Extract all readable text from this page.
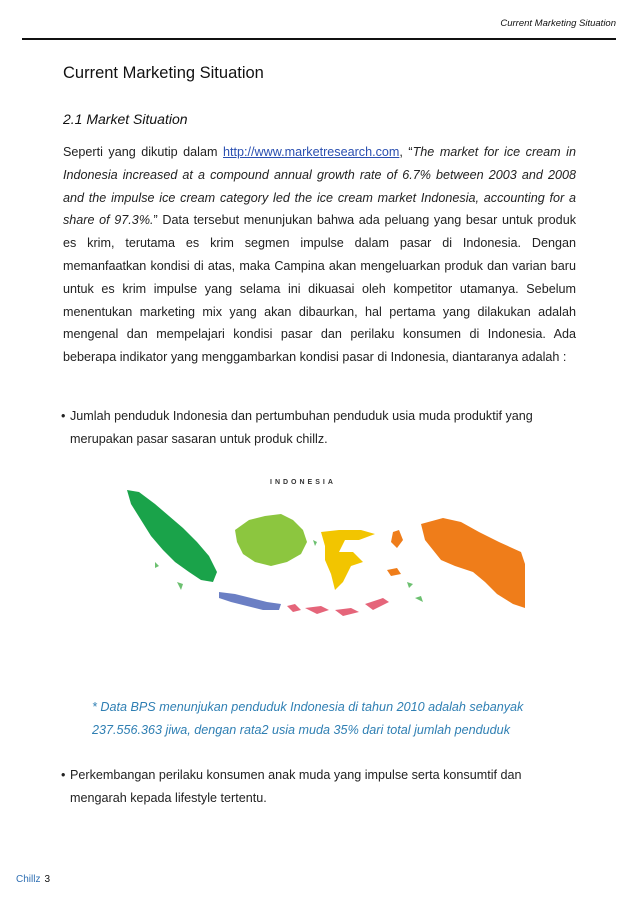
Current Marketing Situation
Current Marketing Situation
2.1 Market Situation
Seperti yang dikutip dalam http://www.marketresearch.com, “The market for ice cream in Indonesia increased at a compound annual growth rate of 6.7% between 2003 and 2008 and the impulse ice cream category led the ice cream market Indonesia, accounting for a share of 97.3%.” Data tersebut menunjukan bahwa ada peluang yang besar untuk produk es krim, terutama es krim segmen impulse dalam pasar di Indonesia. Dengan memanfaatkan kondisi di atas, maka Campina akan mengeluarkan produk dan varian baru untuk es krim impulse yang selama ini dikuasai oleh kompetitor utamanya. Sebelum menentukan marketing mix yang akan dibaurkan, hal pertama yang dilakukan adalah mengenal dan mempelajari kondisi pasar dan perilaku konsumen di Indonesia. Ada beberapa indikator yang menggambarkan kondisi pasar di Indonesia, diantaranya adalah :
• Jumlah penduduk Indonesia dan pertumbuhan penduduk usia muda produktif yang
merupakan pasar sasaran untuk produk chillz.
INDONESIA
* Data BPS menunjukan penduduk Indonesia di tahun 2010 adalah sebanyak
237.556.363 jiwa, dengan rata2 usia muda 35% dari total jumlah penduduk
• Perkembangan perilaku konsumen anak muda yang impulse serta konsumtif dan
mengarah kepada lifestyle tertentu.
Chillz 3
